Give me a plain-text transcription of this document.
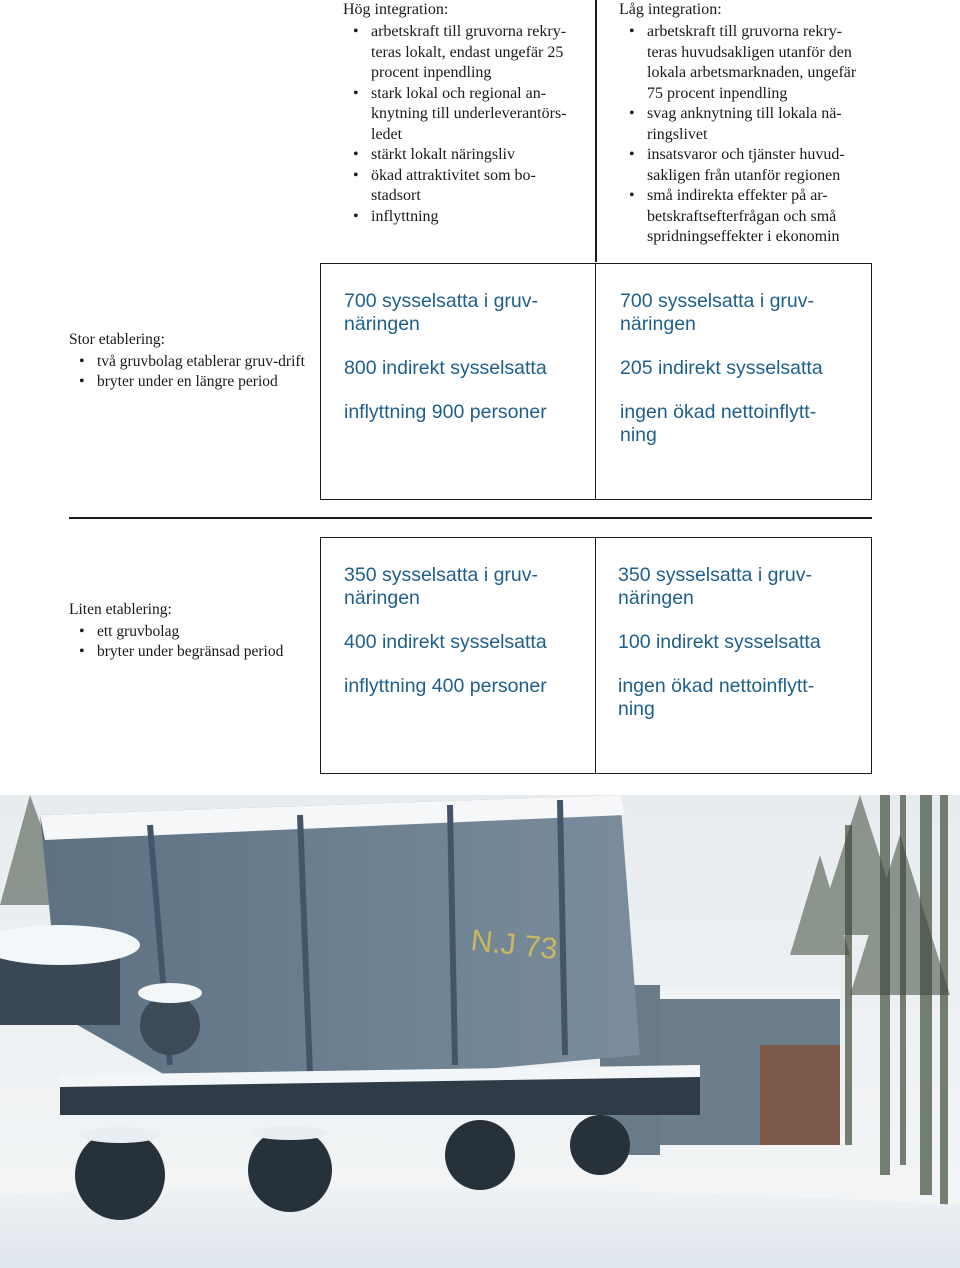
Hög integration:
• arbetskraft till gruvorna rekry-teras lokalt, endast ungefär 25 procent inpendling
• stark lokal och regional an-knytning till underleverantörs-ledet
• stärkt lokalt näringsliv
• ökad attraktivitet som bo-stadsort
• inflyttning
Låg integration:
• arbetskraft till gruvorna rekry-teras huvudsakligen utanför den lokala arbetsmarknaden, ungefär 75 procent inpendling
• svag anknytning till lokala nä-ringslivet
• insatsvaror och tjänster huvud-sakligen från utanför regionen
• små indirekta effekter på ar-betskraftsefterfrågan och små spridningseffekter i ekonomin
Stor etablering:
• två gruvbolag etablerar gruv-drift
• bryter under en längre period

700 sysselsatta i gruv-näringen

800 indirekt sysselsatta

inflyttning 900 personer

700 sysselsatta i gruv-näringen

205 indirekt sysselsatta

ingen ökad nettoinflytt-ning

Liten etablering:
• ett gruvbolag
• bryter under begränsad period

350 sysselsatta i gruv-näringen

400 indirekt sysselsatta

inflyttning 400 personer

350 sysselsatta i gruv-näringen

100 indirekt sysselsatta

ingen ökad nettoinflytt-ning

N.J 73
